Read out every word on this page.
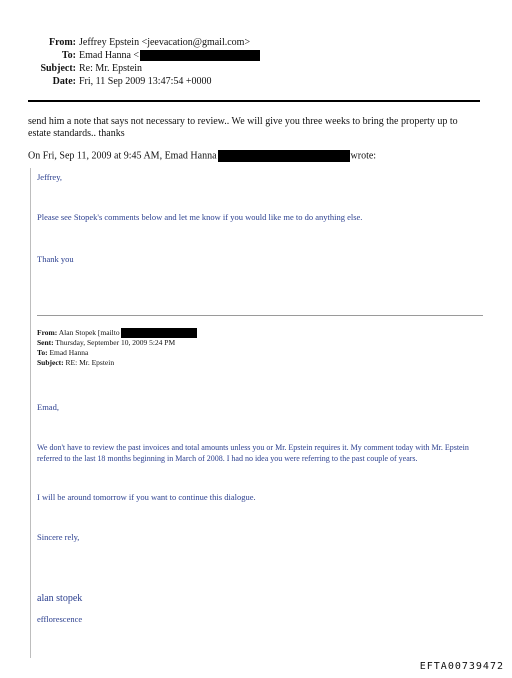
From: Jeffrey Epstein <jeevacation@gmail.com>
To: Emad Hanna <
Subject: Re: Mr. Epstein
Date: Fri, 11 Sep 2009 13:47:54 +0000
send him a note that says not necessary to review.. We will give you three weeks to bring the property up to estate standards.. thanks
On Fri, Sep 11, 2009 at 9:45 AM, Emad Hanna	wrote:
Jeffrey,
Please see Stopek's comments below and let me know if you would like me to do anything else.
Thank you
From: Alan Stopek [mailto
Sent: Thursday, September 10, 2009 5:24 PM
To: Emad Hanna
Subject: RE: Mr. Epstein
Emad,
We don't have to review the past invoices and total amounts unless you or Mr. Epstein requires it. My comment today with Mr. Epstein referred to the last 18 months beginning in March of 2008. I had no idea you were referring to the past couple of years.
I will be around tomorrow if you want to continue this dialogue.
Sincere rely,
alan stopek
efflorescence
EFTA00739472
